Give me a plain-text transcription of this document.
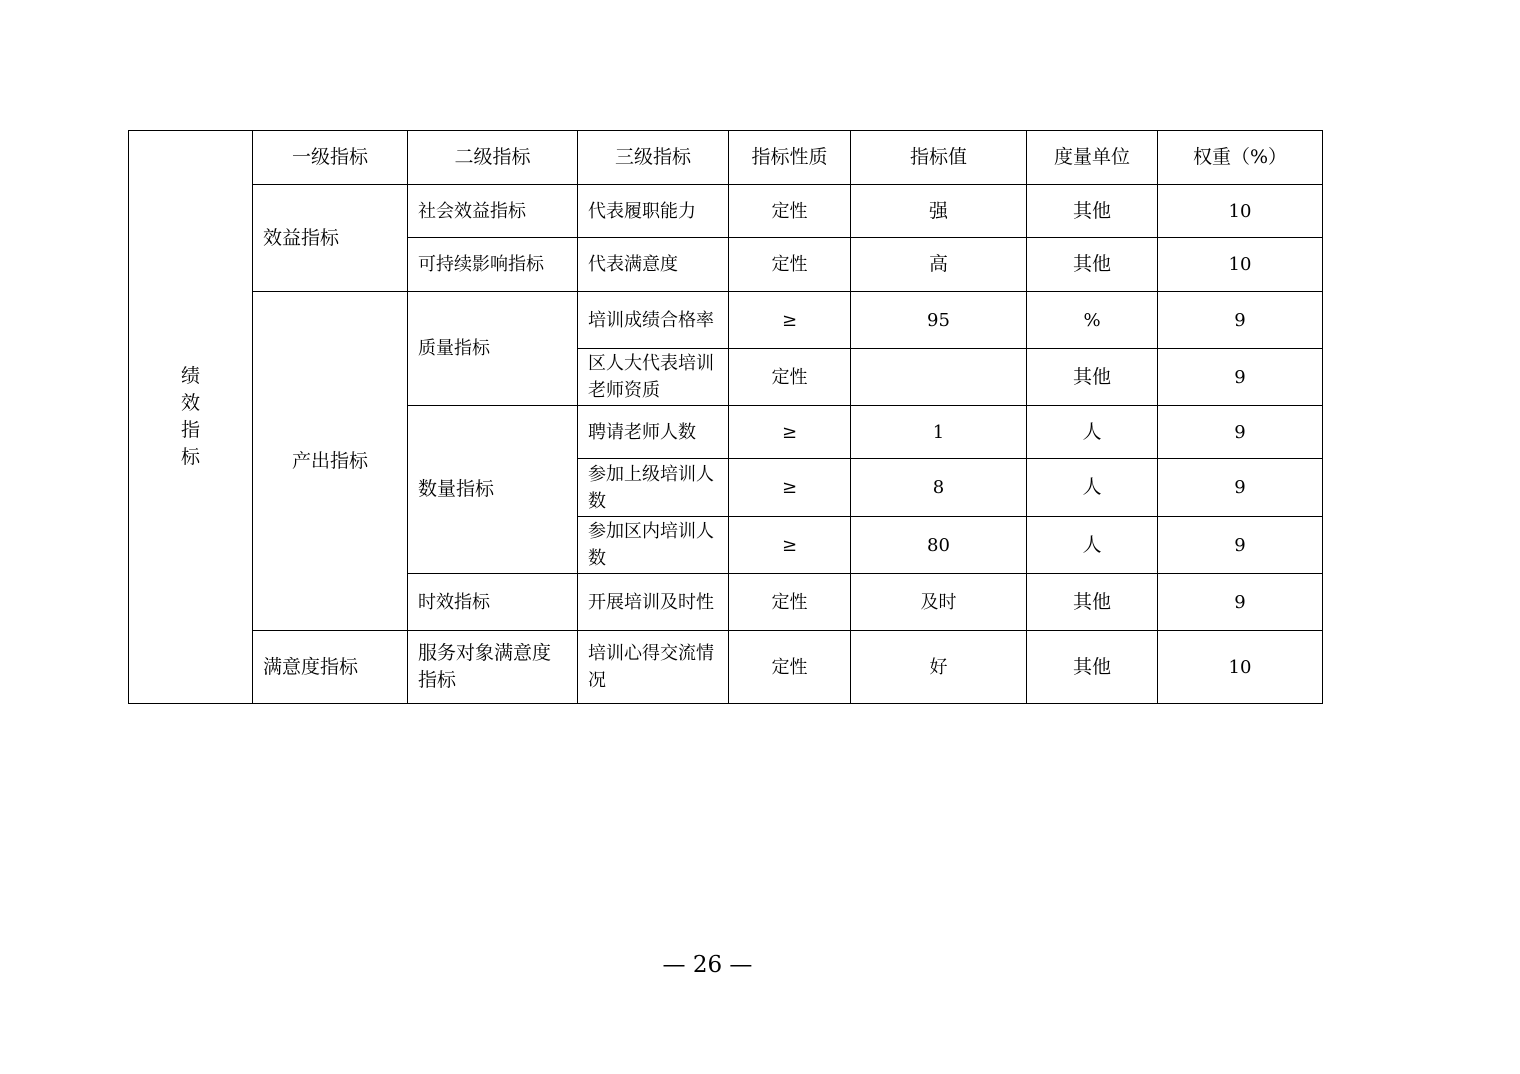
绩效指标	一级指标	二级指标	三级指标	指标性质	指标值	度量单位	权重（%）
	效益指标	社会效益指标	代表履职能力	定性	强	其他	10
		可持续影响指标	代表满意度	定性	高	其他	10
	产出指标	质量指标	培训成绩合格率	≥	95	%	9
			区人大代表培训老师资质	定性		其他	9
		数量指标	聘请老师人数	≥	1	人	9
			参加上级培训人数	≥	8	人	9
			参加区内培训人数	≥	80	人	9
		时效指标	开展培训及时性	定性	及时	其他	9
	满意度指标	服务对象满意度指标	培训心得交流情况	定性	好	其他	10
— 26 —
